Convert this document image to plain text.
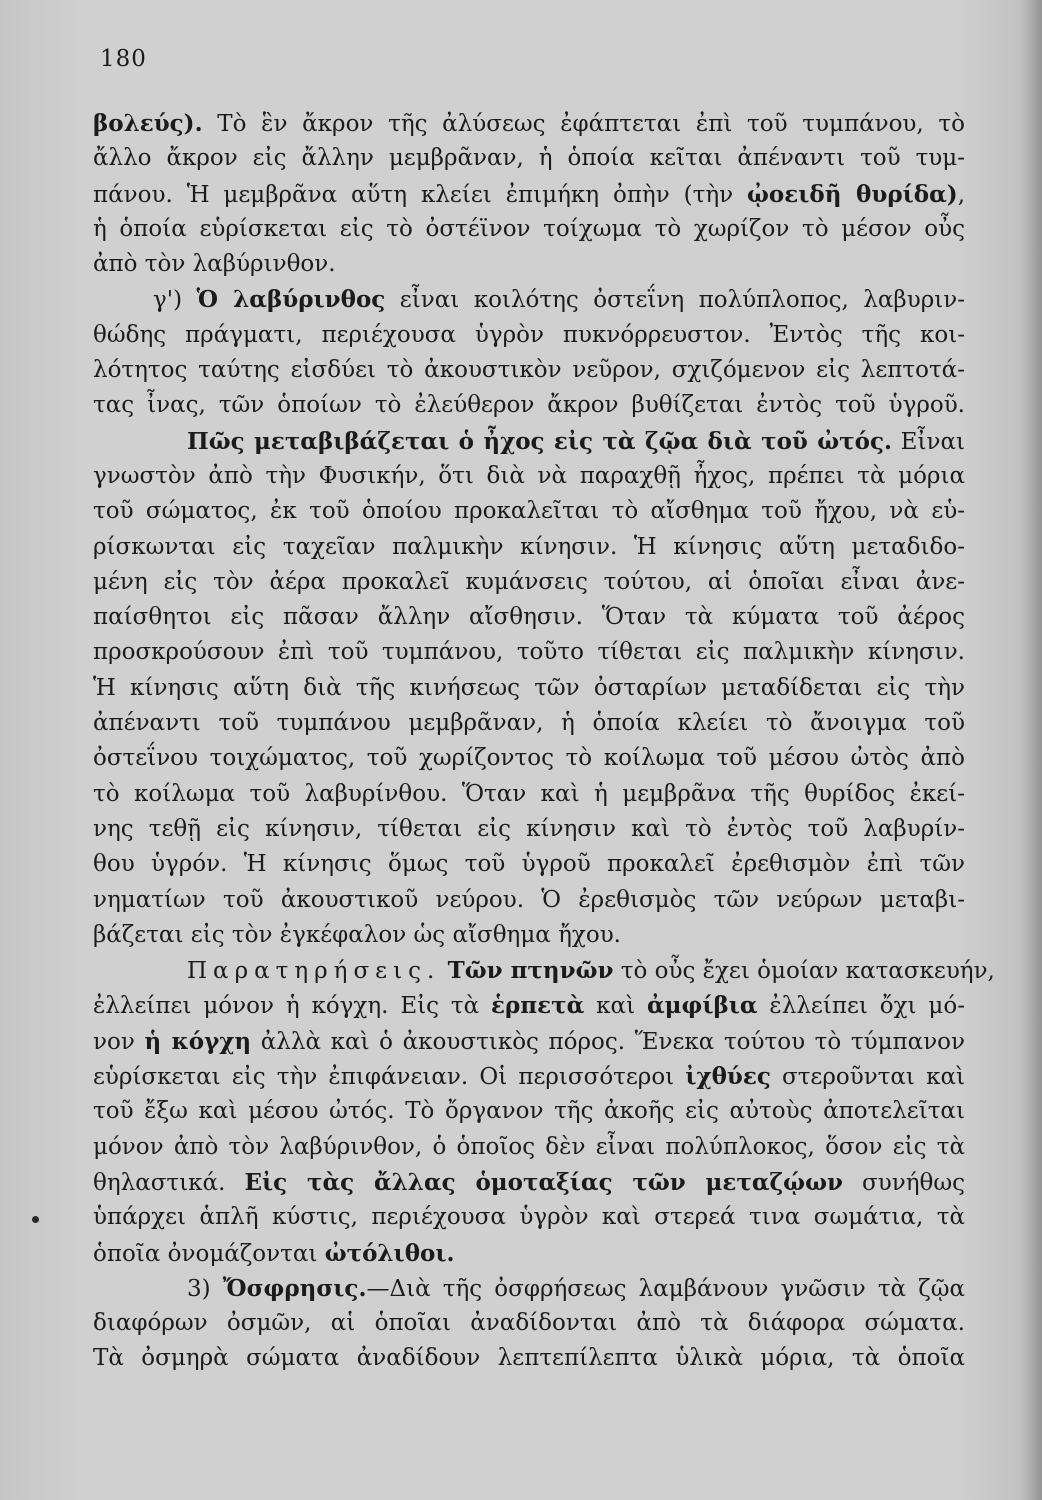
180
βολεύς). Τὸ ἓν ἄκρον τῆς ἀλύσεως ἐφάπτεται ἐπὶ τοῦ τυμπάνου, τὸ
ἄλλο ἄκρον εἰς ἄλλην μεμβρᾶναν, ἡ ὁποία κεῖται ἀπέναντι τοῦ τυμ-
πάνου. Ἡ μεμβρᾶνα αὕτη κλείει ἐπιμήκη ὀπὴν (τὴν ᾠοειδῆ θυρίδα),
ἡ ὁποία εὑρίσκεται εἰς τὸ ὀστέϊνον τοίχωμα τὸ χωρίζον τὸ μέσον οὖς
ἀπὸ τὸν λαβύρινθον.
γ') Ὁ λαβύρινθος εἶναι κοιλότης ὀστεΐνη πολύπλοπος, λαβυριν-
θώδης πράγματι, περιέχουσα ὑγρὸν πυκνόρρευστον. Ἐντὸς τῆς κοι-
λότητος ταύτης εἰσδύει τὸ ἀκουστικὸν νεῦρον, σχιζόμενον εἰς λεπτοτά-
τας ἶνας, τῶν ὁποίων τὸ ἐλεύθερον ἄκρον βυθίζεται ἐντὸς τοῦ ὑγροῦ.
Πῶς μεταβιβάζεται ὁ ἦχος εἰς τὰ ζῷα διὰ τοῦ ὠτός. Εἶναι
γνωστὸν ἀπὸ τὴν Φυσικήν, ὅτι διὰ νὰ παραχθῇ ἦχος, πρέπει τὰ μόρια
τοῦ σώματος, ἐκ τοῦ ὁποίου προκαλεῖται τὸ αἴσθημα τοῦ ἤχου, νὰ εὑ-
ρίσκωνται εἰς ταχεῖαν παλμικὴν κίνησιν. Ἡ κίνησις αὕτη μεταδιδο-
μένη εἰς τὸν ἀέρα προκαλεῖ κυμάνσεις τούτου, αἱ ὁποῖαι εἶναι ἀνε-
παίσθητοι εἰς πᾶσαν ἄλλην αἴσθησιν. Ὅταν τὰ κύματα τοῦ ἀέρος
προσκρούσουν ἐπὶ τοῦ τυμπάνου, τοῦτο τίθεται εἰς παλμικὴν κίνησιν.
Ἡ κίνησις αὕτη διὰ τῆς κινήσεως τῶν ὀσταρίων μεταδίδεται εἰς τὴν
ἀπέναντι τοῦ τυμπάνου μεμβρᾶναν, ἡ ὁποία κλείει τὸ ἄνοιγμα τοῦ
ὀστεΐνου τοιχώματος, τοῦ χωρίζοντος τὸ κοίλωμα τοῦ μέσου ὠτὸς ἀπὸ
τὸ κοίλωμα τοῦ λαβυρίνθου. Ὅταν καὶ ἡ μεμβρᾶνα τῆς θυρίδος ἐκεί-
νης τεθῇ εἰς κίνησιν, τίθεται εἰς κίνησιν καὶ τὸ ἐντὸς τοῦ λαβυρίν-
θου ὑγρόν. Ἡ κίνησις ὅμως τοῦ ὑγροῦ προκαλεῖ ἐρεθισμὸν ἐπὶ τῶν
νηματίων τοῦ ἀκουστικοῦ νεύρου. Ὁ ἐρεθισμὸς τῶν νεύρων μεταβι-
βάζεται εἰς τὸν ἐγκέφαλον ὡς αἴσθημα ἤχου.
Παρατηρήσεις. Τῶν πτηνῶν τὸ οὖς ἔχει ὁμοίαν κατασκευήν,
ἐλλείπει μόνον ἡ κόγχη. Εἰς τὰ ἑρπετὰ καὶ ἀμφίβια ἐλλείπει ὄχι μό-
νον ἡ κόγχη ἀλλὰ καὶ ὁ ἀκουστικὸς πόρος. Ἕνεκα τούτου τὸ τύμπανον
εὑρίσκεται εἰς τὴν ἐπιφάνειαν. Οἱ περισσότεροι ἰχθύες στεροῦνται καὶ
τοῦ ἔξω καὶ μέσου ὠτός. Τὸ ὄργανον τῆς ἀκοῆς εἰς αὐτοὺς ἀποτελεῖται
μόνον ἀπὸ τὸν λαβύρινθον, ὁ ὁποῖος δὲν εἶναι πολύπλοκος, ὅσον εἰς τὰ
θηλαστικά. Εἰς τὰς ἄλλας ὁμοταξίας τῶν μεταζῴων συνήθως
ὑπάρχει ἁπλῆ κύστις, περιέχουσα ὑγρὸν καὶ στερεά τινα σωμάτια, τὰ
ὁποῖα ὀνομάζονται ὠτόλιθοι.
3) Ὄσφρησις.—Διὰ τῆς ὀσφρήσεως λαμβάνουν γνῶσιν τὰ ζῷα
διαφόρων ὀσμῶν, αἱ ὁποῖαι ἀναδίδονται ἀπὸ τὰ διάφορα σώματα.
Τὰ ὀσμηρὰ σώματα ἀναδίδουν λεπτεπίλεπτα ὑλικὰ μόρια, τὰ ὁποῖα
